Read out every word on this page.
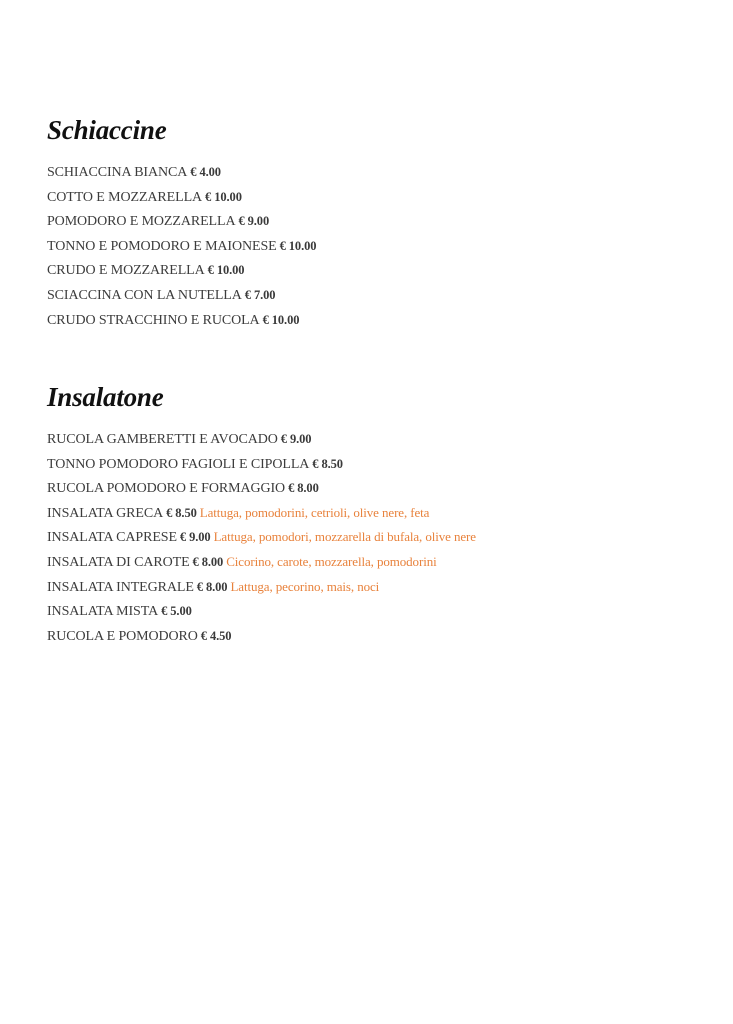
Schiaccine
SCHIACCINA BIANCA € 4.00
COTTO E MOZZARELLA € 10.00
POMODORO E MOZZARELLA € 9.00
TONNO E POMODORO E MAIONESE € 10.00
CRUDO E MOZZARELLA € 10.00
SCIACCINA CON LA NUTELLA € 7.00
CRUDO STRACCHINO E RUCOLA € 10.00
Insalatone
RUCOLA GAMBERETTI E AVOCADO € 9.00
TONNO POMODORO FAGIOLI E CIPOLLA € 8.50
RUCOLA POMODORO E FORMAGGIO € 8.00
INSALATA GRECA € 8.50 Lattuga, pomodorini, cetrioli, olive nere, feta
INSALATA CAPRESE € 9.00 Lattuga, pomodori, mozzarella di bufala, olive nere
INSALATA DI CAROTE € 8.00 Cicorino, carote, mozzarella, pomodorini
INSALATA INTEGRALE € 8.00 Lattuga, pecorino, mais, noci
INSALATA MISTA € 5.00
RUCOLA E POMODORO € 4.50
